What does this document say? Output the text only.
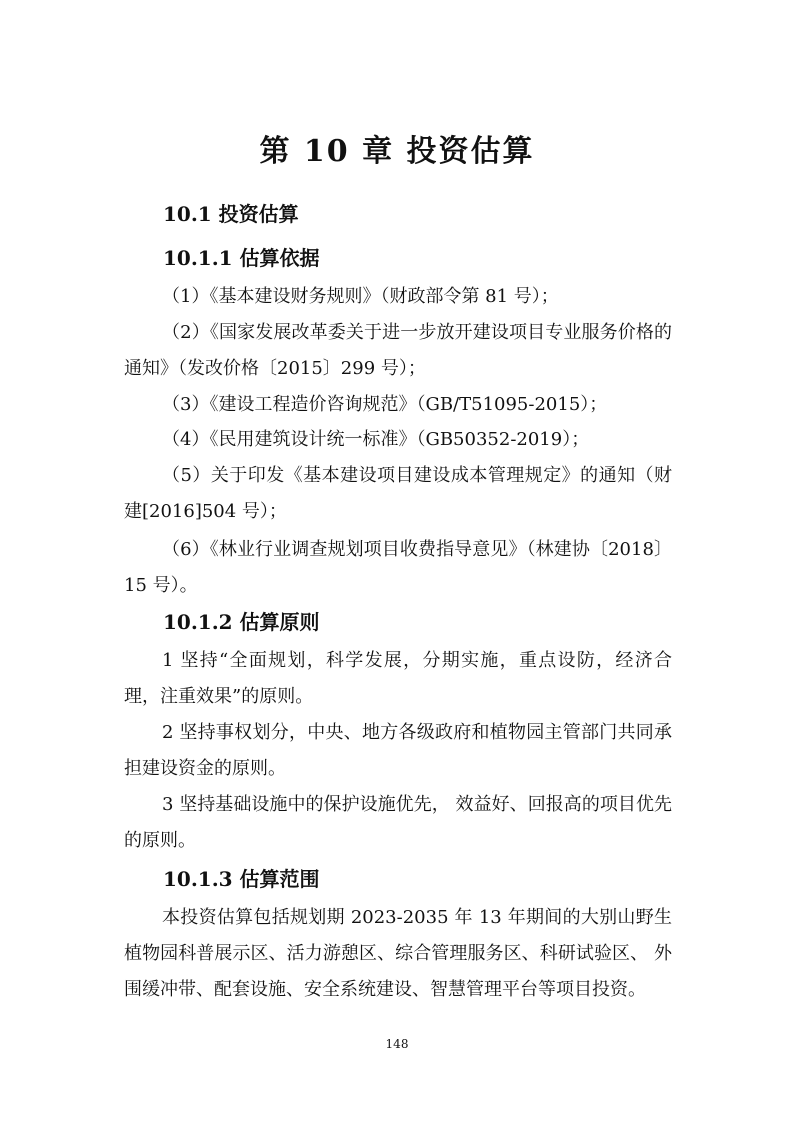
第 10 章 投资估算
10.1 投资估算
10.1.1 估算依据
（1）《基本建设财务规则》（财政部令第 81 号）；
（2）《国家发展改革委关于进一步放开建设项目专业服务价格的通知》（发改价格〔2015〕299 号）；
（3）《建设工程造价咨询规范》（GB/T51095-2015）；
（4）《民用建筑设计统一标准》（GB50352-2019）；
（5）关于印发《基本建设项目建设成本管理规定》的通知（财建[2016]504 号）；
（6）《林业行业调查规划项目收费指导意见》（林建协〔2018〕15 号）。
10.1.2 估算原则
1 坚持“全面规划，科学发展，分期实施，重点设防，经济合理，注重效果”的原则。
2 坚持事权划分，中央、地方各级政府和植物园主管部门共同承担建设资金的原则。
3 坚持基础设施中的保护设施优先， 效益好、回报高的项目优先的原则。
10.1.3 估算范围
本投资估算包括规划期 2023-2035 年 13 年期间的大别山野生植物园科普展示区、活力游憩区、综合管理服务区、科研试验区、 外围缓冲带、配套设施、安全系统建设、智慧管理平台等项目投资。
148
